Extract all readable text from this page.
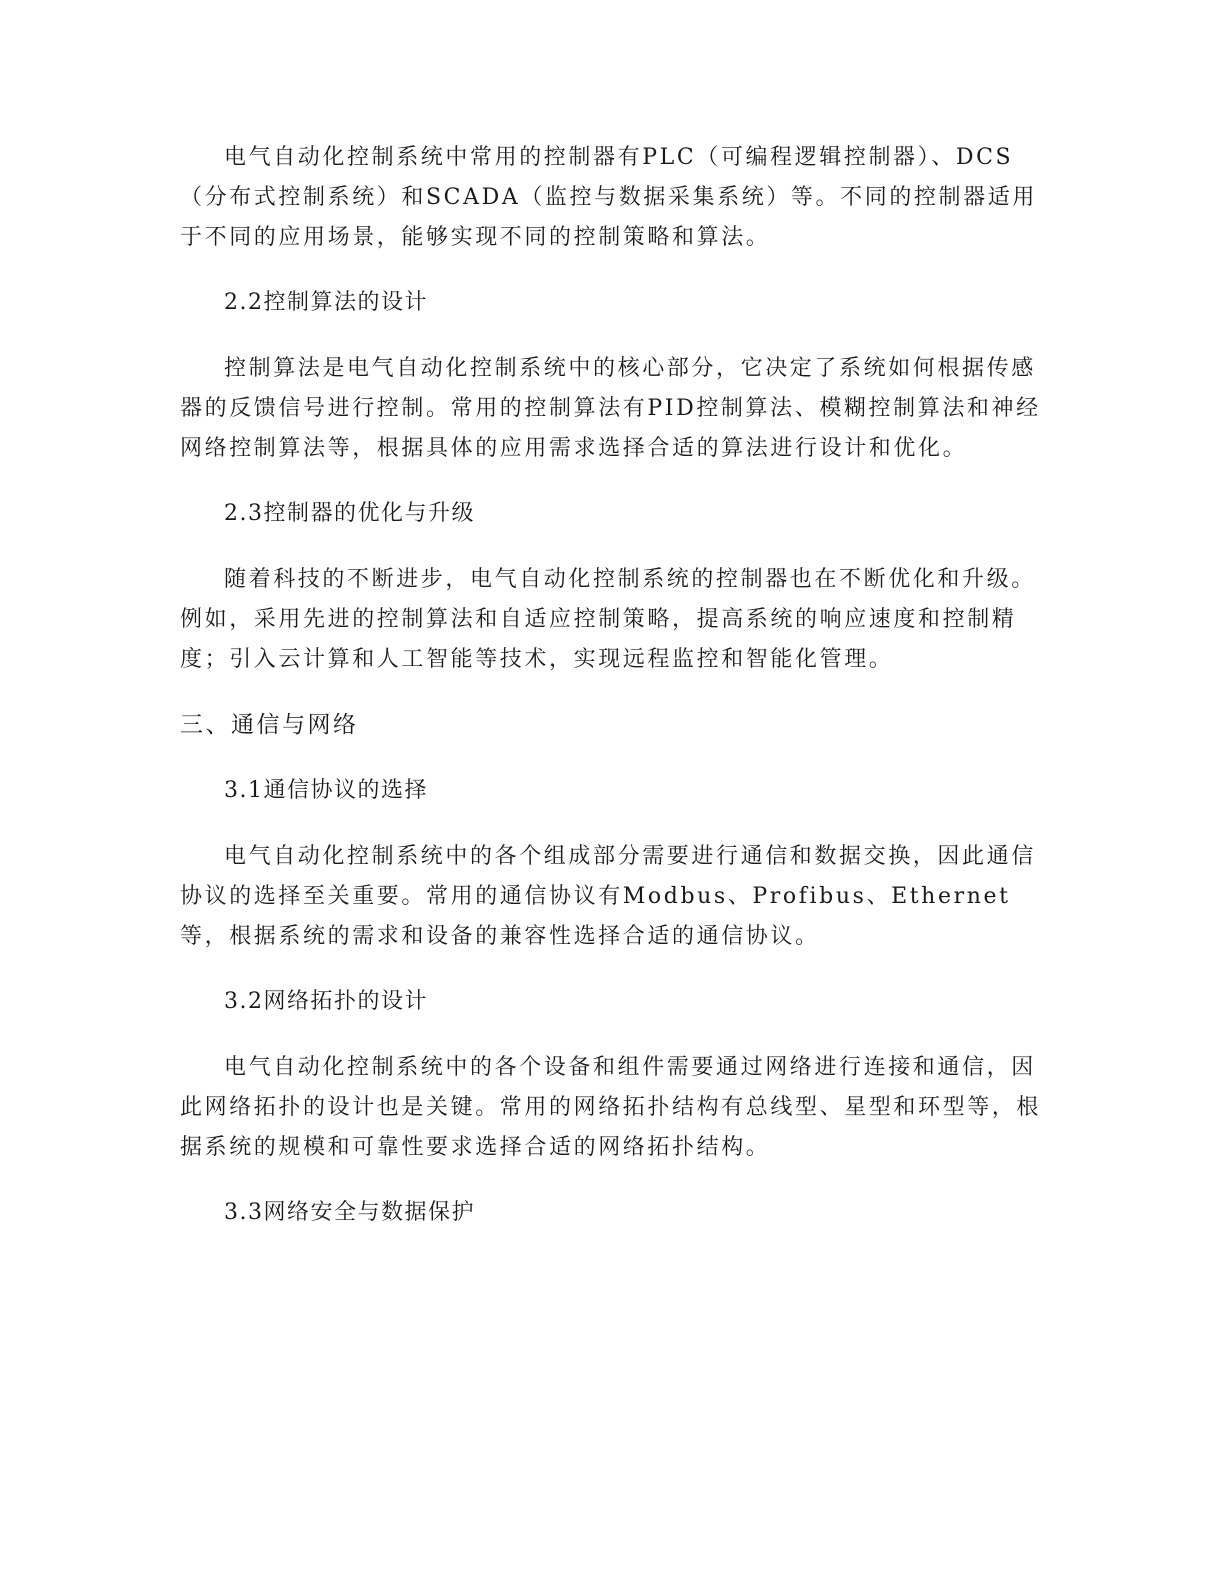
电气自动化控制系统中常用的控制器有PLC（可编程逻辑控制器）、DCS（分布式控制系统）和SCADA（监控与数据采集系统）等。不同的控制器适用于不同的应用场景，能够实现不同的控制策略和算法。

2.2控制算法的设计

控制算法是电气自动化控制系统中的核心部分，它决定了系统如何根据传感器的反馈信号进行控制。常用的控制算法有PID控制算法、模糊控制算法和神经网络控制算法等，根据具体的应用需求选择合适的算法进行设计和优化。

2.3控制器的优化与升级

随着科技的不断进步，电气自动化控制系统的控制器也在不断优化和升级。例如，采用先进的控制算法和自适应控制策略，提高系统的响应速度和控制精度；引入云计算和人工智能等技术，实现远程监控和智能化管理。

三、通信与网络

3.1通信协议的选择

电气自动化控制系统中的各个组成部分需要进行通信和数据交换，因此通信协议的选择至关重要。常用的通信协议有Modbus、Profibus、Ethernet等，根据系统的需求和设备的兼容性选择合适的通信协议。

3.2网络拓扑的设计

电气自动化控制系统中的各个设备和组件需要通过网络进行连接和通信，因此网络拓扑的设计也是关键。常用的网络拓扑结构有总线型、星型和环型等，根据系统的规模和可靠性要求选择合适的网络拓扑结构。

3.3网络安全与数据保护
